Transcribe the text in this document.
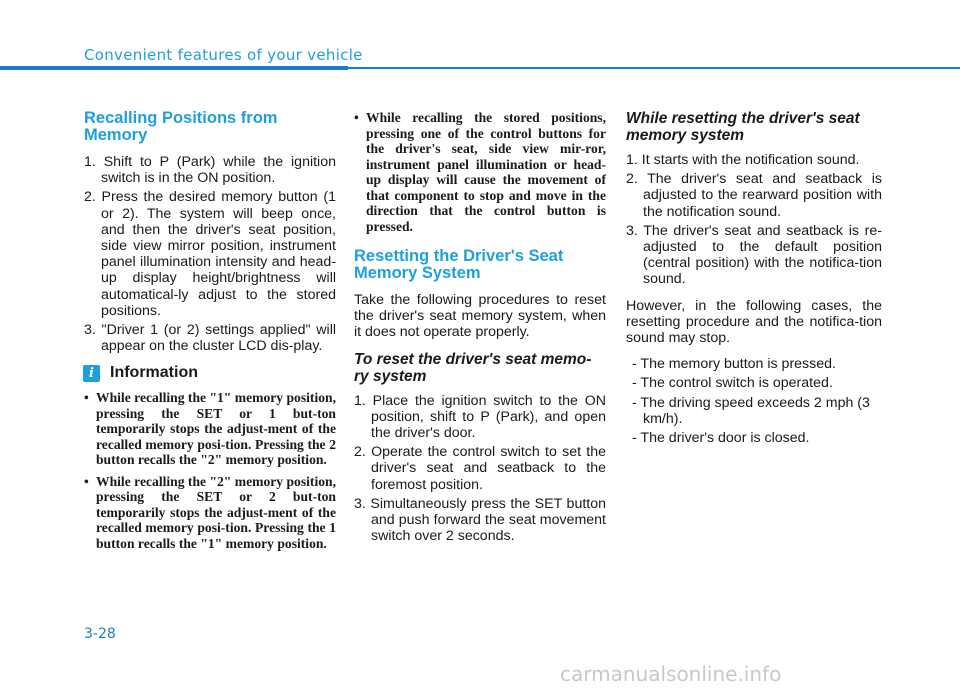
Convenient features of your vehicle
Recalling Positions from Memory
1. Shift to P (Park) while the ignition switch is in the ON position.
2. Press the desired memory button (1 or 2). The system will beep once, and then the driver's seat position, side view mirror position, instrument panel illumination intensity and head-up display height/brightness will automatical-ly adjust to the stored positions.
3. "Driver 1 (or 2) settings applied" will appear on the cluster LCD dis-play.
i	Information
• While recalling the "1" memory position, pressing the SET or 1 but-ton temporarily stops the adjust-ment of the recalled memory posi-tion. Pressing the 2 button recalls the "2" memory position.
• While recalling the "2" memory position, pressing the SET or 2 but-ton temporarily stops the adjust-ment of the recalled memory posi-tion. Pressing the 1 button recalls the "1" memory position.
• While recalling the stored positions, pressing one of the control buttons for the driver's seat, side view mir-ror, instrument panel illumination or head-up display will cause the movement of that component to stop and move in the direction that the control button is pressed.
Resetting the Driver's Seat Memory System

Take the following procedures to reset the driver's seat memory system, when it does not operate properly.

To reset the driver's seat memo-ry system
1. Place the ignition switch to the ON position, shift to P (Park), and open the driver's door.
2. Operate the control switch to set the driver's seat and seatback to the foremost position.
3. Simultaneously press the SET button and push forward the seat movement switch over 2 seconds.
While resetting the driver's seat memory system
1. It starts with the notification sound.
2. The driver's seat and seatback is adjusted to the rearward position with the notification sound.
3. The driver's seat and seatback is re-adjusted to the default position (central position) with the notifica-tion sound.

However, in the following cases, the resetting procedure and the notifica-tion sound may stop.

- The memory button is pressed.
- The control switch is operated.
- The driving speed exceeds 2 mph (3 km/h).
- The driver's door is closed.
3-28
carmanualsonline.info
